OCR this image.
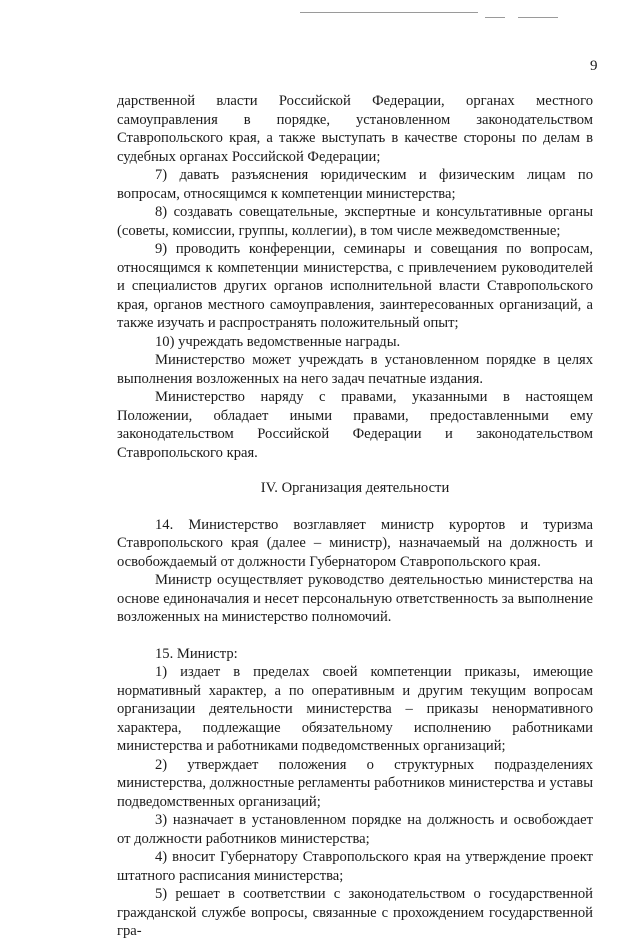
9

дарственной власти Российской Федерации, органах местного самоуправления в порядке, установленном законодательством Ставропольского края, а также выступать в качестве стороны по делам в судебных органах Российской Федерации;

7) давать разъяснения юридическим и физическим лицам по вопросам, относящимся к компетенции министерства;

8) создавать совещательные, экспертные и консультативные органы (советы, комиссии, группы, коллегии), в том числе межведомственные;

9) проводить конференции, семинары и совещания по вопросам, относящимся к компетенции министерства, с привлечением руководителей и специалистов других органов исполнительной власти Ставропольского края, органов местного самоуправления, заинтересованных организаций, а также изучать и распространять положительный опыт;

10) учреждать ведомственные награды.

Министерство может учреждать в установленном порядке в целях выполнения возложенных на него задач печатные издания.

Министерство наряду с правами, указанными в настоящем Положении, обладает иными правами, предоставленными ему законодательством Российской Федерации и законодательством Ставропольского края.

IV. Организация деятельности

14. Министерство возглавляет министр курортов и туризма Ставропольского края (далее – министр), назначаемый на должность и освобождаемый от должности Губернатором Ставропольского края.

Министр осуществляет руководство деятельностью министерства на основе единоначалия и несет персональную ответственность за выполнение возложенных на министерство полномочий.

15. Министр:

1) издает в пределах своей компетенции приказы, имеющие нормативный характер, а по оперативным и другим текущим вопросам организации деятельности министерства – приказы ненормативного характера, подлежащие обязательному исполнению работниками министерства и работниками подведомственных организаций;

2) утверждает положения о структурных подразделениях министерства, должностные регламенты работников министерства и уставы подведомственных организаций;

3) назначает в установленном порядке на должность и освобождает от должности работников министерства;

4) вносит Губернатору Ставропольского края на утверждение проект штатного расписания министерства;

5) решает в соответствии с законодательством о государственной гражданской службе вопросы, связанные с прохождением государственной гра-
